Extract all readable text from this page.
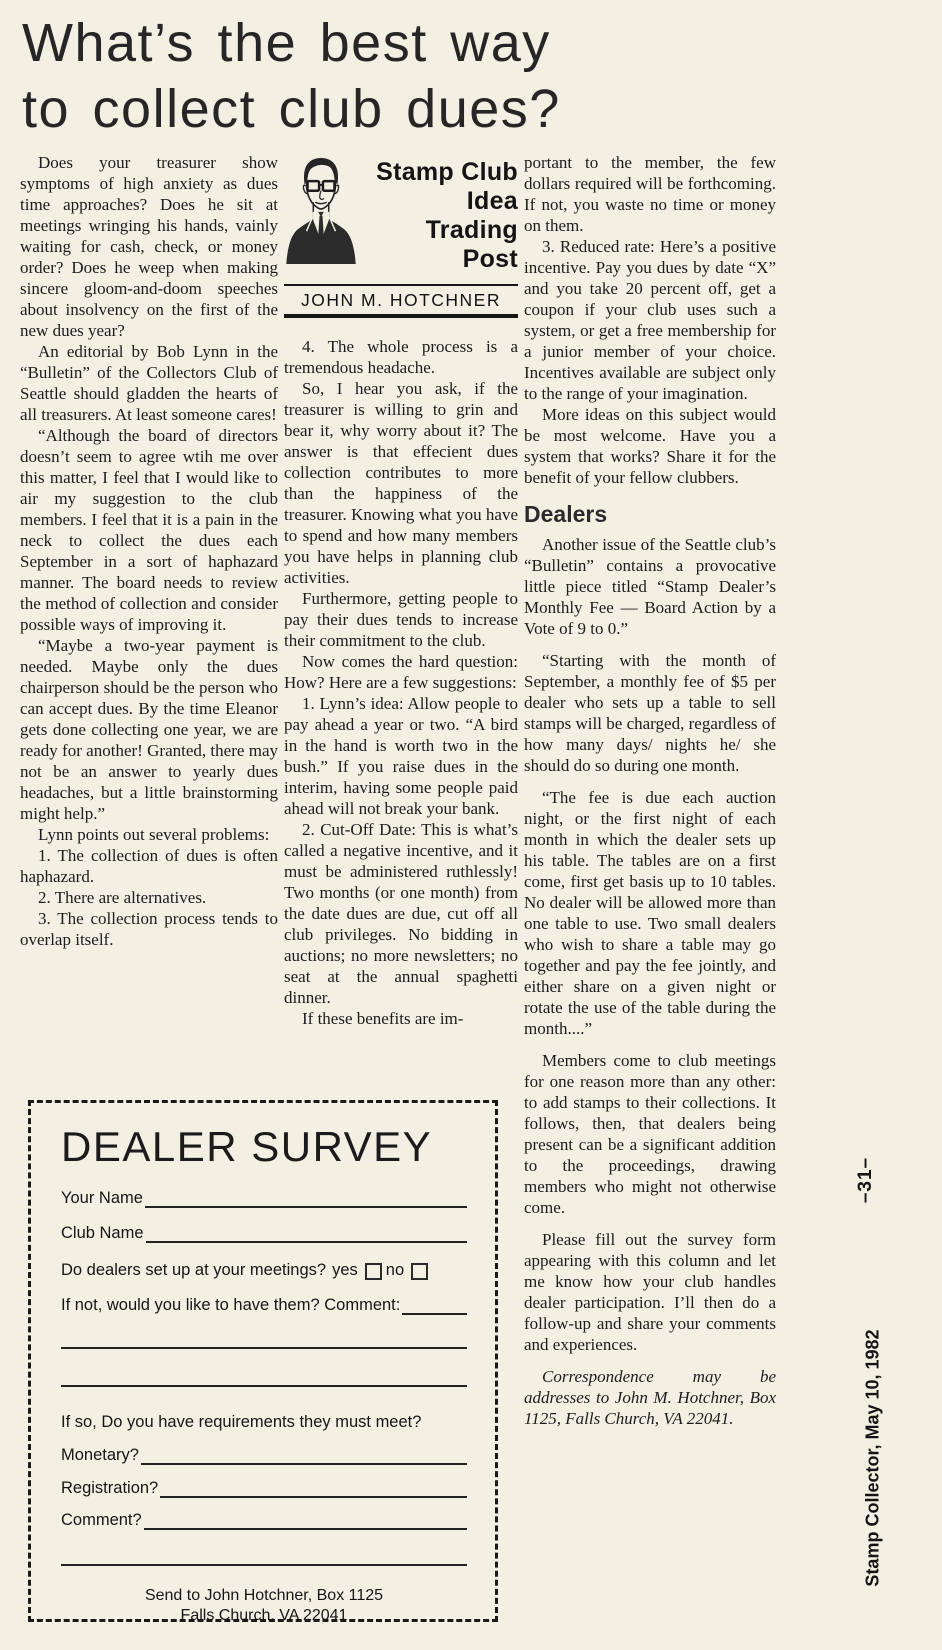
What’s the best way
to collect club dues?

Does your treasurer show symptoms of high anxiety as dues time approaches? Does he sit at meetings wringing his hands, vainly waiting for cash, check, or money order? Does he weep when making sincere gloom-and-doom speeches about insolvency on the first of the new dues year?

An editorial by Bob Lynn in the “Bulletin” of the Collectors Club of Seattle should gladden the hearts of all treasurers. At least someone cares!

“Although the board of directors doesn’t seem to agree wtih me over this matter, I feel that I would like to air my suggestion to the club members. I feel that it is a pain in the neck to collect the dues each September in a sort of haphazard manner. The board needs to review the method of collection and consider possible ways of improving it.

“Maybe a two-year payment is needed. Maybe only the dues chairperson should be the person who can accept dues. By the time Eleanor gets done collecting one year, we are ready for another! Granted, there may not be an answer to yearly dues headaches, but a little brainstorming might help.”

Lynn points out several problems:

1. The collection of dues is often haphazard.

2. There are alternatives.

3. The collection process tends to overlap itself.

Stamp Club
Idea
Trading
Post
JOHN M. HOTCHNER

4. The whole process is a tremendous headache.

So, I hear you ask, if the treasurer is willing to grin and bear it, why worry about it? The answer is that effecient dues collection contributes to more than the happiness of the treasurer. Knowing what you have to spend and how many members you have helps in planning club activities.

Furthermore, getting people to pay their dues tends to increase their commitment to the club.

Now comes the hard question: How? Here are a few suggestions:

1. Lynn’s idea: Allow people to pay ahead a year or two. “A bird in the hand is worth two in the bush.” If you raise dues in the interim, having some people paid ahead will not break your bank.

2. Cut-Off Date: This is what’s called a negative incentive, and it must be administered ruthlessly! Two months (or one month) from the date dues are due, cut off all club privileges. No bidding in auctions; no more newsletters; no seat at the annual spaghetti dinner.

If these benefits are im-

portant to the member, the few dollars required will be forthcoming. If not, you waste no time or money on them.

3. Reduced rate: Here’s a positive incentive. Pay you dues by date “X” and you take 20 percent off, get a coupon if your club uses such a system, or get a free membership for a junior member of your choice. Incentives available are subject only to the range of your imagination.

More ideas on this subject would be most welcome. Have you a system that works? Share it for the benefit of your fellow clubbers.

Dealers

Another issue of the Seattle club’s “Bulletin” contains a provocative little piece titled “Stamp Dealer’s Monthly Fee — Board Action by a Vote of 9 to 0.”

“Starting with the month of September, a monthly fee of $5 per dealer who sets up a table to sell stamps will be charged, regardless of how many days/ nights he/ she should do so during one month.

“The fee is due each auction night, or the first night of each month in which the dealer sets up his table. The tables are on a first come, first get basis up to 10 tables. No dealer will be allowed more than one table to use. Two small dealers who wish to share a table may go together and pay the fee jointly, and either share on a given night or rotate the use of the table during the month....”

Members come to club meetings for one reason more than any other: to add stamps to their collections. It follows, then, that dealers being present can be a significant addition to the proceedings, drawing members who might not otherwise come.

Please fill out the survey form appearing with this column and let me know how your club handles dealer participation. I’ll then do a follow-up and share your comments and experiences.

Correspondence may be addresses to John M. Hotchner, Box 1125, Falls Church, VA 22041.

DEALER SURVEY
Your Name
Club Name
Do dealers set up at your meetings? yes no
If not, would you like to have them? Comment:
If so, Do you have requirements they must meet?
Monetary?
Registration?
Comment?
Send to John Hotchner, Box 1125
Falls Church, VA 22041
–31–
Stamp Collector, May 10, 1982
